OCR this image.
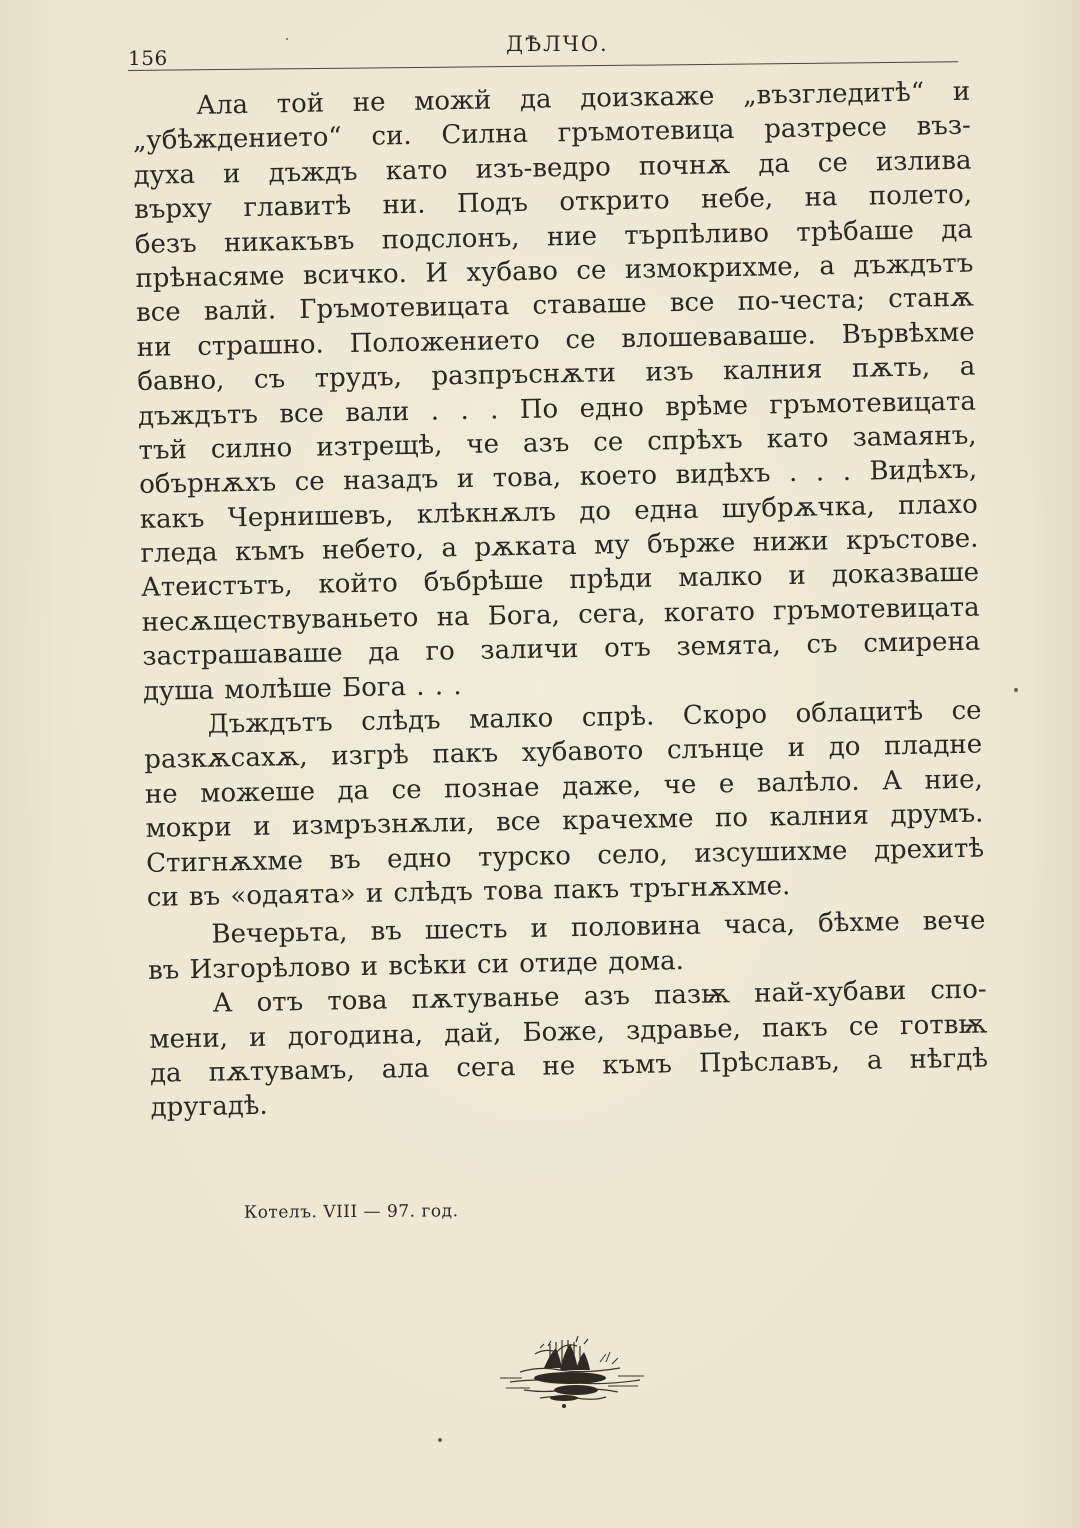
156
ДѢЛЧО.
Ала той не можй да доизкаже „възгледитѣ“ и
„убѣждението“ си. Силна гръмотевица разтресе въз-
духа и дъждъ като изъ-ведро почнѫ да се излива
върху главитѣ ни. Подъ открито небе, на полето,
безъ никакъвъ подслонъ, ние търпѣливо трѣбаше да
прѣнасяме всичко. И хубаво се измокрихме, а дъждътъ
все валй. Гръмотевицата ставаше все по-честа; станѫ
ни страшно. Положението се влошеваваше. Вървѣхме
бавно, съ трудъ, разпръснѫти изъ калния пѫть, а
дъждътъ все вали . . . По едно врѣме гръмотевицата
тъй силно изтрещѣ, че азъ се спрѣхъ като замаянъ,
обърнѫхъ се назадъ и това, което видѣхъ . . . Видѣхъ,
какъ Чернишевъ, клѣкнѫлъ до една шубрѫчка, плахо
гледа къмъ небето, а рѫката му бърже нижи кръстове.
Атеистътъ, който бъбрѣше прѣди малко и доказваше
несѫществуваньето на Бога, сега, когато гръмотевицата
застрашаваше да го заличи отъ земята, съ смирена
душа молѣше Бога . . .
Дъждътъ слѣдъ малко спрѣ. Скоро облацитѣ се
разкѫсахѫ, изгрѣ пакъ хубавото слънце и до пладне
не можеше да се познае даже, че е валѣло. А ние,
мокри и измръзнѫли, все крачехме по калния друмъ.
Стигнѫхме въ едно турско село, изсушихме дрехитѣ
си въ «одаята» и слѣдъ това пакъ тръгнѫхме.
Вечерьта, въ шесть и половина часа, бѣхме вече
въ Изгорѣлово и всѣки си отиде дома.
А отъ това пѫтуванье азъ пазѭ най-хубави спо-
мени, и догодина, дай, Боже, здравье, пакъ се готвѭ
да пѫтувамъ, ала сега не къмъ Прѣславъ, а нѣгдѣ
другадѣ.
Котелъ. VIII — 97. год.
